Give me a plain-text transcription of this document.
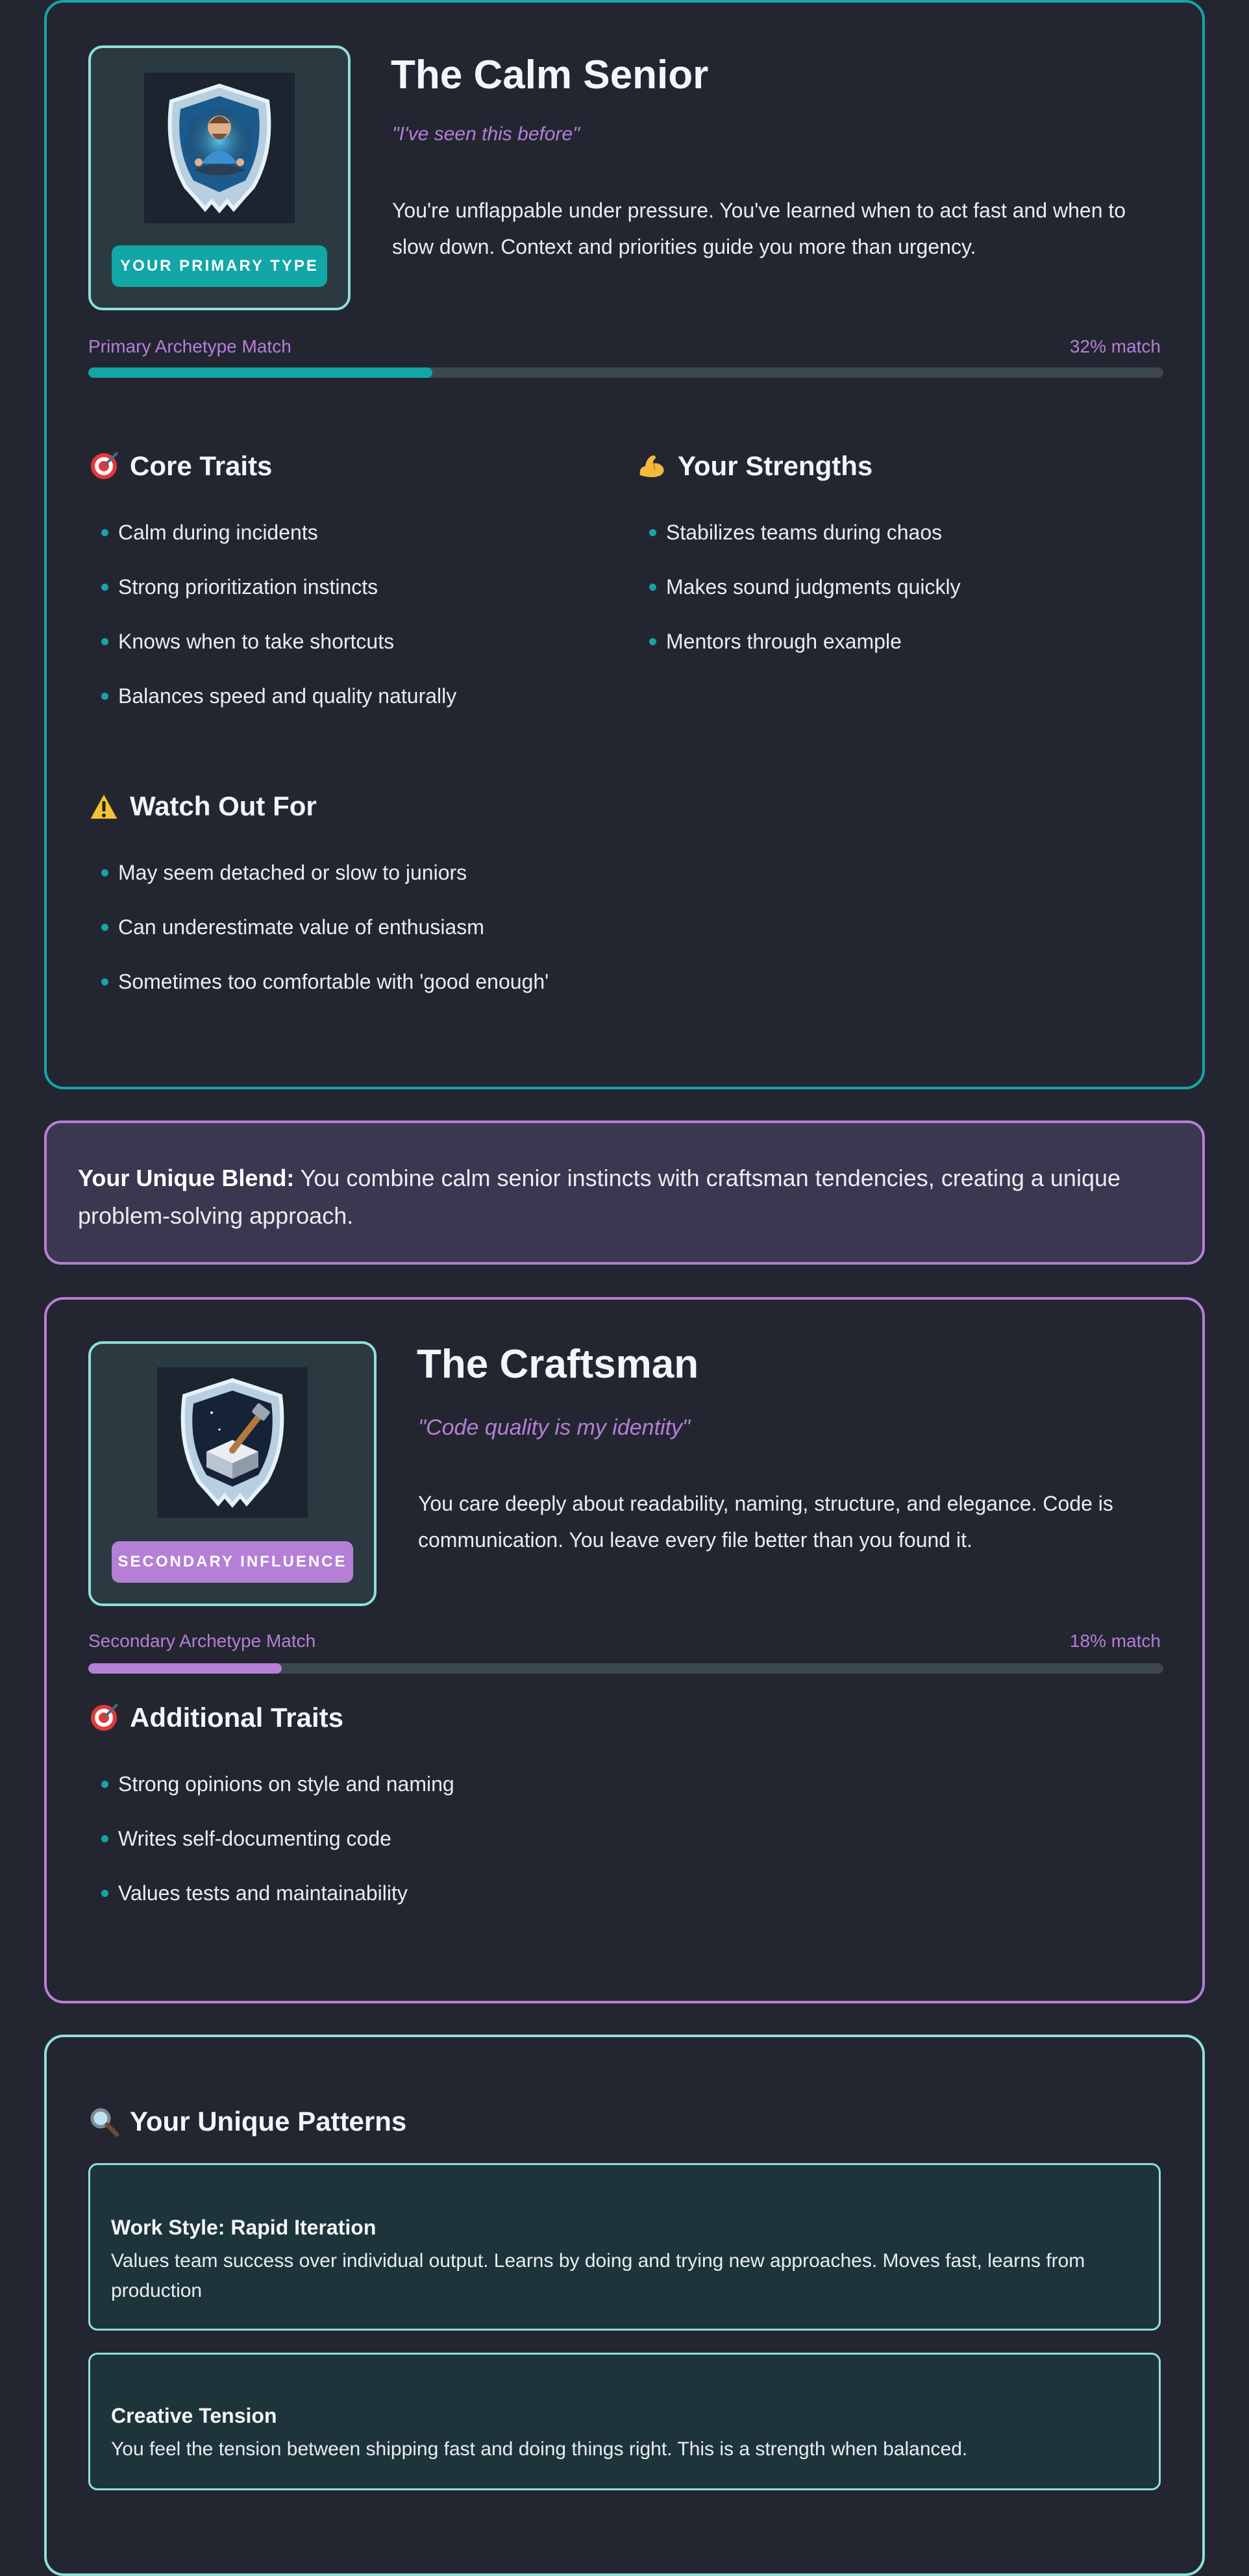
YOUR PRIMARY TYPE
The Calm Senior
"I've seen this before"
You're unflappable under pressure. You've learned when to act fast and when to slow down. Context and priorities guide you more than urgency.
Primary Archetype Match	32% match
Core Traits
Calm during incidents
Strong prioritization instincts
Knows when to take shortcuts
Balances speed and quality naturally
Your Strengths
Stabilizes teams during chaos
Makes sound judgments quickly
Mentors through example
Watch Out For
May seem detached or slow to juniors
Can underestimate value of enthusiasm
Sometimes too comfortable with 'good enough'
Your Unique Blend: You combine calm senior instincts with craftsman tendencies, creating a unique problem-solving approach.
SECONDARY INFLUENCE
The Craftsman
"Code quality is my identity"
You care deeply about readability, naming, structure, and elegance. Code is communication. You leave every file better than you found it.
Secondary Archetype Match	18% match
Additional Traits
Strong opinions on style and naming
Writes self-documenting code
Values tests and maintainability
Your Unique Patterns
Work Style: Rapid Iteration
Values team success over individual output. Learns by doing and trying new approaches. Moves fast, learns from production
Creative Tension
You feel the tension between shipping fast and doing things right. This is a strength when balanced.
